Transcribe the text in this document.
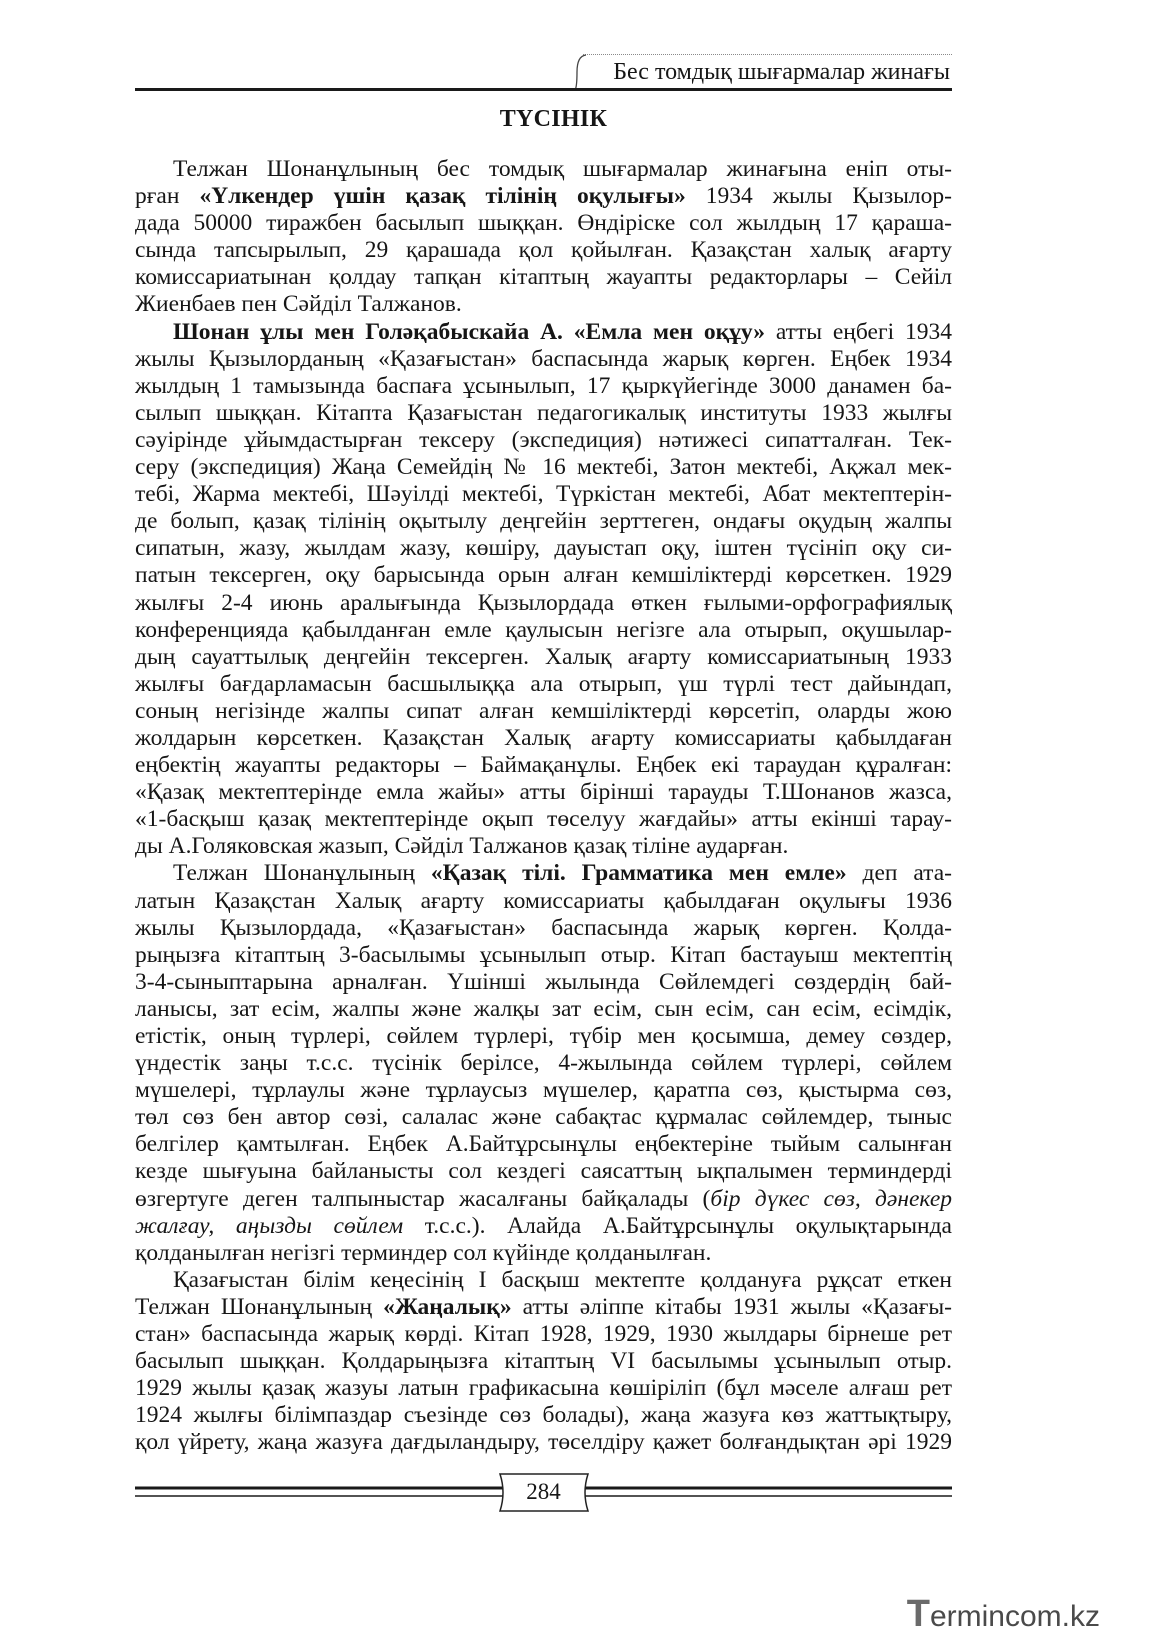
Бес томдық шығармалар жинағы
ТҮСІНІК
Телжан Шонанұлының бес томдық шығармалар жинағына еніп оты-
рған «Үлкендер үшін қазақ тілінің оқулығы» 1934 жылы Қызылор-
дада 50000 тиражбен басылып шыққан. Өндіріске сол жылдың 17 қараша-
сында тапсырылып, 29 қарашада қол қойылған. Қазақстан халық ағарту
комиссариатынан қолдау тапқан кітаптың жауапты редакторлары – Сейіл
Жиенбаев пен Сәйділ Талжанов.
Шонан ұлы мен Голәқабыскайа А. «Емла мен оқұу» атты еңбегі 1934
жылы Қызылорданың «Қазағыстан» баспасында жарық көрген. Еңбек 1934
жылдың 1 тамызында баспаға ұсынылып, 17 қыркүйегінде 3000 данамен ба-
сылып шыққан. Кітапта Қазағыстан педагогикалық институты 1933 жылғы
сәуірінде ұйымдастырған тексеру (экспедиция) нәтижесі сипатталған. Тек-
серу (экспедиция) Жаңа Семейдің № 16 мектебі, Затон мектебі, Ақжал мек-
тебі, Жарма мектебі, Шәуілді мектебі, Түркістан мектебі, Абат мектептерін-
де болып, қазақ тілінің оқытылу деңгейін зерттеген, ондағы оқудың жалпы
сипатын, жазу, жылдам жазу, көшіру, дауыстап оқу, іштен түсініп оқу си-
патын тексерген, оқу барысында орын алған кемшіліктерді көрсеткен. 1929
жылғы 2-4 июнь аралығында Қызылордада өткен ғылыми-орфографиялық
конференцияда қабылданған емле қаулысын негізге ала отырып, оқушылар-
дың сауаттылық деңгейін тексерген. Халық ағарту комиссариатының 1933
жылғы бағдарламасын басшылыққа ала отырып, үш түрлі тест дайындап,
соның негізінде жалпы сипат алған кемшіліктерді көрсетіп, оларды жою
жолдарын көрсеткен. Қазақстан Халық ағарту комиссариаты қабылдаған
еңбектің жауапты редакторы – Баймақанұлы. Еңбек екі тараудан құралған:
«Қазақ мектептерінде емла жайы» атты бірінші тарауды Т.Шонанов жазса,
«1-басқыш қазақ мектептерінде оқып төселуу жағдайы» атты екінші тарау-
ды А.Голяковская жазып, Сәйділ Талжанов қазақ тіліне аударған.
Телжан Шонанұлының «Қазақ тілі. Грамматика мен емле» деп ата-
латын Қазақстан Халық ағарту комиссариаты қабылдаған оқулығы 1936
жылы Қызылордада, «Қазағыстан» баспасында жарық көрген. Қолда-
рыңызға кітаптың 3-басылымы ұсынылып отыр. Кітап бастауыш мектептің
3-4-сыныптарына арналған. Үшінші жылында Сөйлемдегі сөздердің бай-
ланысы, зат есім, жалпы және жалқы зат есім, сын есім, сан есім, есімдік,
етістік, оның түрлері, сөйлем түрлері, түбір мен қосымша, демеу сөздер,
үндестік заңы т.с.с. түсінік берілсе, 4-жылында сөйлем түрлері, сөйлем
мүшелері, тұрлаулы және тұрлаусыз мүшелер, қаратпа сөз, қыстырма сөз,
төл сөз бен автор сөзі, салалас және сабақтас құрмалас сөйлемдер, тыныс
белгілер қамтылған. Еңбек А.Байтұрсынұлы еңбектеріне тыйым салынған
кезде шығуына байланысты сол кездегі саясаттың ықпалымен терминдерді
өзгертуге деген талпыныстар жасалғаны байқалады (бір дүкес сөз, дәнекер
жалғау, аңызды сөйлем т.с.с.). Алайда А.Байтұрсынұлы оқулықтарында
қолданылған негізгі терминдер сол күйінде қолданылған.
Қазағыстан білім кеңесінің I басқыш мектепте қолдануға рұқсат еткен
Телжан Шонанұлының «Жаңалық» атты әліппе кітабы 1931 жылы «Қазағы-
стан» баспасында жарық көрді. Кітап 1928, 1929, 1930 жылдары бірнеше рет
басылып шыққан. Қолдарыңызға кітаптың VI басылымы ұсынылып отыр.
1929 жылы қазақ жазуы латын графикасына көшіріліп (бұл мәселе алғаш рет
1924 жылғы білімпаздар съезінде сөз болады), жаңа жазуға көз жаттықтыру,
қол үйрету, жаңа жазуға дағдыландыру, төселдіру қажет болғандықтан әрі 1929
284
Termincom.kz
